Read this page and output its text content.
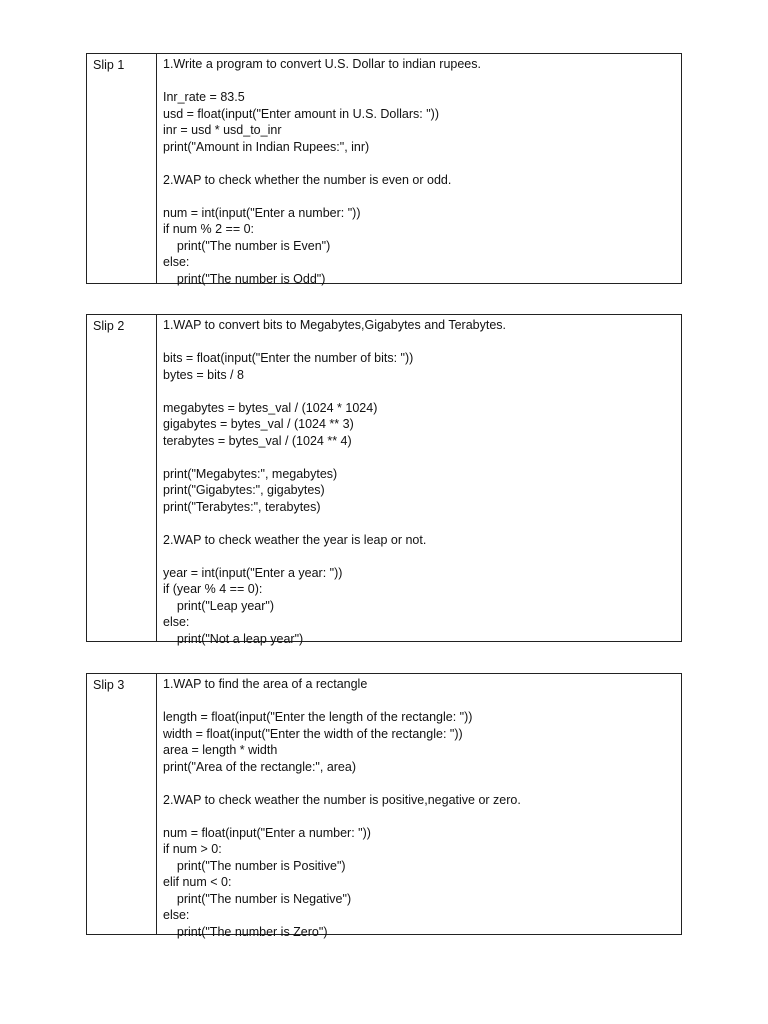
Slip 1	1.Write a program to convert U.S. Dollar to indian rupees.
Inr_rate = 83.5
usd = float(input("Enter amount in U.S. Dollars: "))
inr = usd * usd_to_inr
print("Amount in Indian Rupees:", inr)
2.WAP to check whether the number is even or odd.
num = int(input("Enter a number: "))
if num % 2 == 0:
print("The number is Even")
else:
print("The number is Odd")
Slip 2	1.WAP to convert bits to Megabytes,Gigabytes and Terabytes.
bits = float(input("Enter the number of bits: "))
bytes = bits / 8
megabytes = bytes_val / (1024 * 1024)
gigabytes = bytes_val / (1024 ** 3)
terabytes = bytes_val / (1024 ** 4)
print("Megabytes:", megabytes)
print("Gigabytes:", gigabytes)
print("Terabytes:", terabytes)
2.WAP to check weather the year is leap or not.
year = int(input("Enter a year: "))
if (year % 4 == 0):
print("Leap year")
else:
print("Not a leap year")
Slip 3	1.WAP to find the area of a rectangle
length = float(input("Enter the length of the rectangle: "))
width = float(input("Enter the width of the rectangle: "))
area = length * width
print("Area of the rectangle:", area)
2.WAP to check weather the number is positive,negative or zero.
num = float(input("Enter a number: "))
if num > 0:
print("The number is Positive")
elif num < 0:
print("The number is Negative")
else:
print("The number is Zero")
